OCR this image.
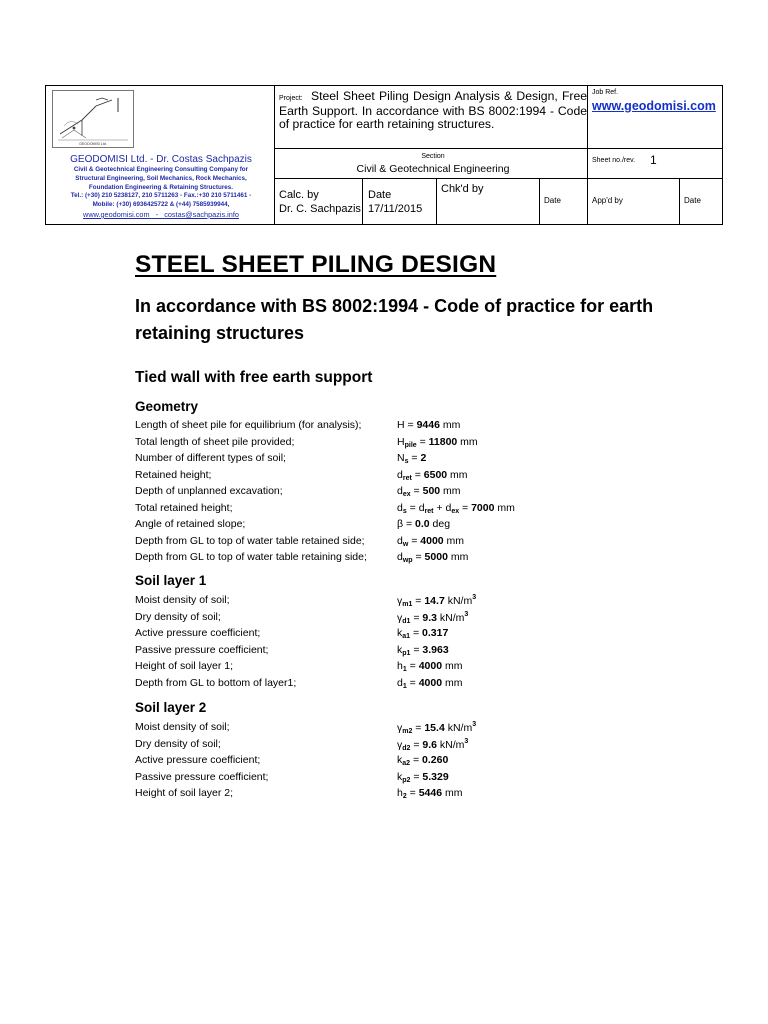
GEODOMISI Ltd.
GEODOMISI Ltd. - Dr. Costas Sachpazis
Civil & Geotechnical Engineering Consulting Company for
Structural Engineering, Soil Mechanics, Rock Mechanics,
Foundation Engineering & Retaining Structures.
Tel.: (+30) 210 5238127, 210 5711263 - Fax.:+30 210 5711461 -
Mobile: (+30) 6936425722 & (+44) 7585939944,
www.geodomisi.com - costas@sachpazis.info
Project: Steel Sheet Piling Design Analysis & Design, Free Earth Support. In accordance with BS 8002:1994 - Code of practice for earth retaining structures.
Job Ref.
www.geodomisi.com
Section
Civil & Geotechnical Engineering
Sheet no./rev. 1
Calc. by
Dr. C. Sachpazis
Date
17/11/2015
Chk'd by
Date	App'd by	Date
STEEL SHEET PILING DESIGN
In accordance with BS 8002:1994 - Code of practice for earth retaining structures
Tied wall with free earth support
Geometry
Length of sheet pile for equilibrium (for analysis);	H = 9446 mm
Total length of sheet pile provided;	$H_{pile} = 11800$ mm
Number of different types of soil;	$N_s = 2$
Retained height;	$d_{ret} = 6500$ mm
Depth of unplanned excavation;	$d_{ex} = 500$ mm
Total retained height;	$d_s = d_{ret} + d_{ex} = 7000$ mm
Angle of retained slope;	β = 0.0 deg
Depth from GL to top of water table retained side;	$d_w = 4000$ mm
Depth from GL to top of water table retaining side;	$d_{wp} = 5000$ mm
Soil layer 1
Moist density of soil;	$\gamma_{m1} = 14.7$ $kN/m^3$
Dry density of soil;	$\gamma_{d1} = 9.3$ $kN/m^3$
Active pressure coefficient;	$k_{a1} = 0.317$
Passive pressure coefficient;	$k_{p1} = 3.963$
Height of soil layer 1;	$h_1 = 4000$ mm
Depth from GL to bottom of layer1;	$d_1 = 4000$ mm
Soil layer 2
Moist density of soil;	$\gamma_{m2} = 15.4$ $kN/m^3$
Dry density of soil;	$\gamma_{d2} = 9.6$ $kN/m^3$
Active pressure coefficient;	$k_{a2} = 0.260$
Passive pressure coefficient;	$k_{p2} = 5.329$
Height of soil layer 2;	$h_2 = 5446$ mm
